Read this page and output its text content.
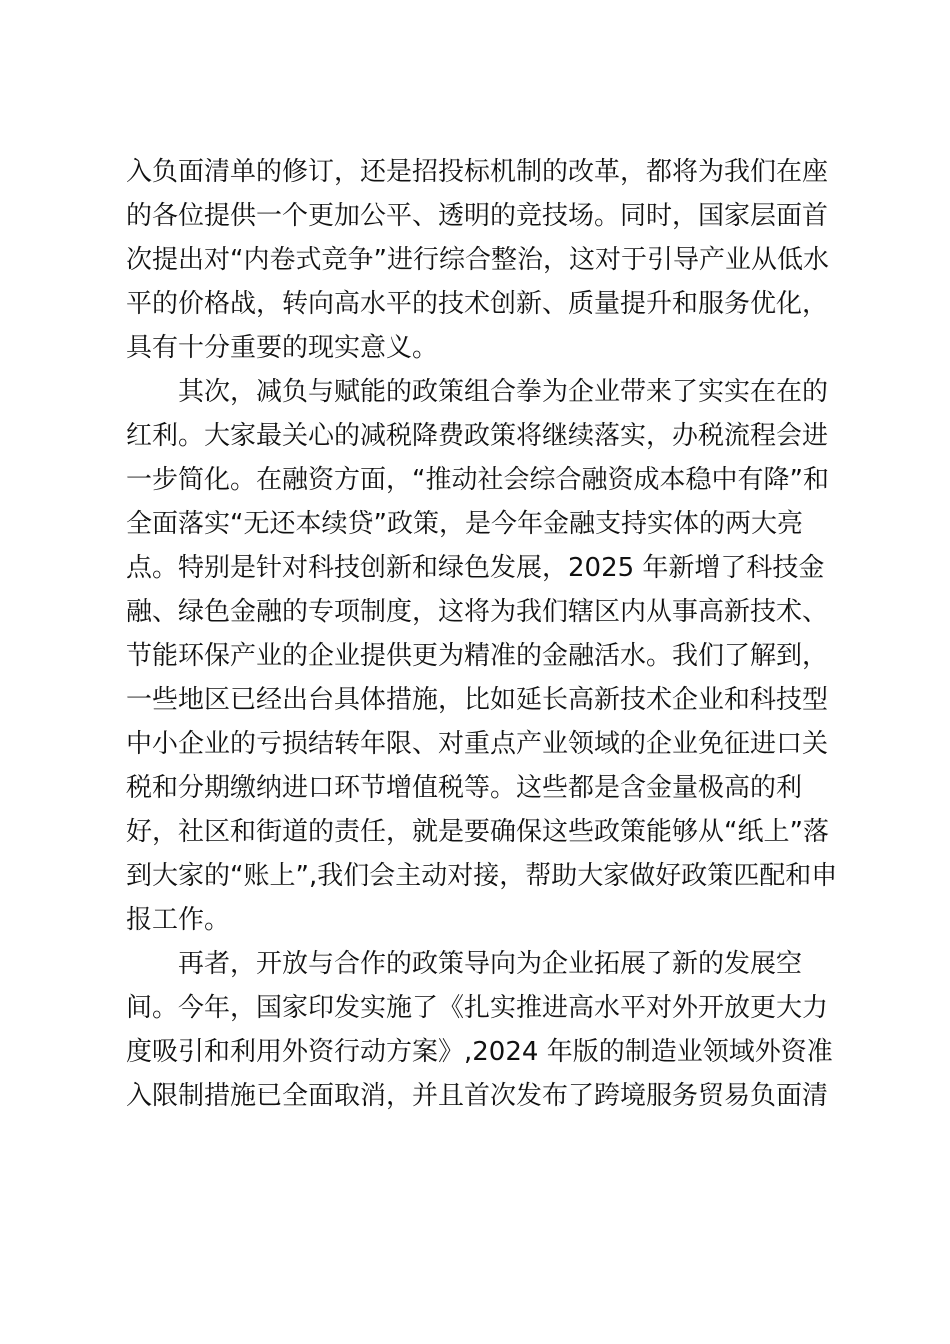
入负面清单的修订，还是招投标机制的改革，都将为我们在座
的各位提供一个更加公平、透明的竞技场。同时，国家层面首
次提出对“内卷式竞争”进行综合整治，这对于引导产业从低水
平的价格战，转向高水平的技术创新、质量提升和服务优化，
具有十分重要的现实意义。
　　其次，减负与赋能的政策组合拳为企业带来了实实在在的
红利。大家最关心的减税降费政策将继续落实，办税流程会进
一步简化。在融资方面，“推动社会综合融资成本稳中有降”和
全面落实“无还本续贷”政策，是今年金融支持实体的两大亮
点。特别是针对科技创新和绿色发展，2025 年新增了科技金
融、绿色金融的专项制度，这将为我们辖区内从事高新技术、
节能环保产业的企业提供更为精准的金融活水。我们了解到，
一些地区已经出台具体措施，比如延长高新技术企业和科技型
中小企业的亏损结转年限、对重点产业领域的企业免征进口关
税和分期缴纳进口环节增值税等。这些都是含金量极高的利
好，社区和街道的责任，就是要确保这些政策能够从“纸上”落
到大家的“账上”,我们会主动对接，帮助大家做好政策匹配和申
报工作。
　　再者，开放与合作的政策导向为企业拓展了新的发展空
间。今年，国家印发实施了《扎实推进高水平对外开放更大力
度吸引和利用外资行动方案》,2024 年版的制造业领域外资准
入限制措施已全面取消，并且首次发布了跨境服务贸易负面清
